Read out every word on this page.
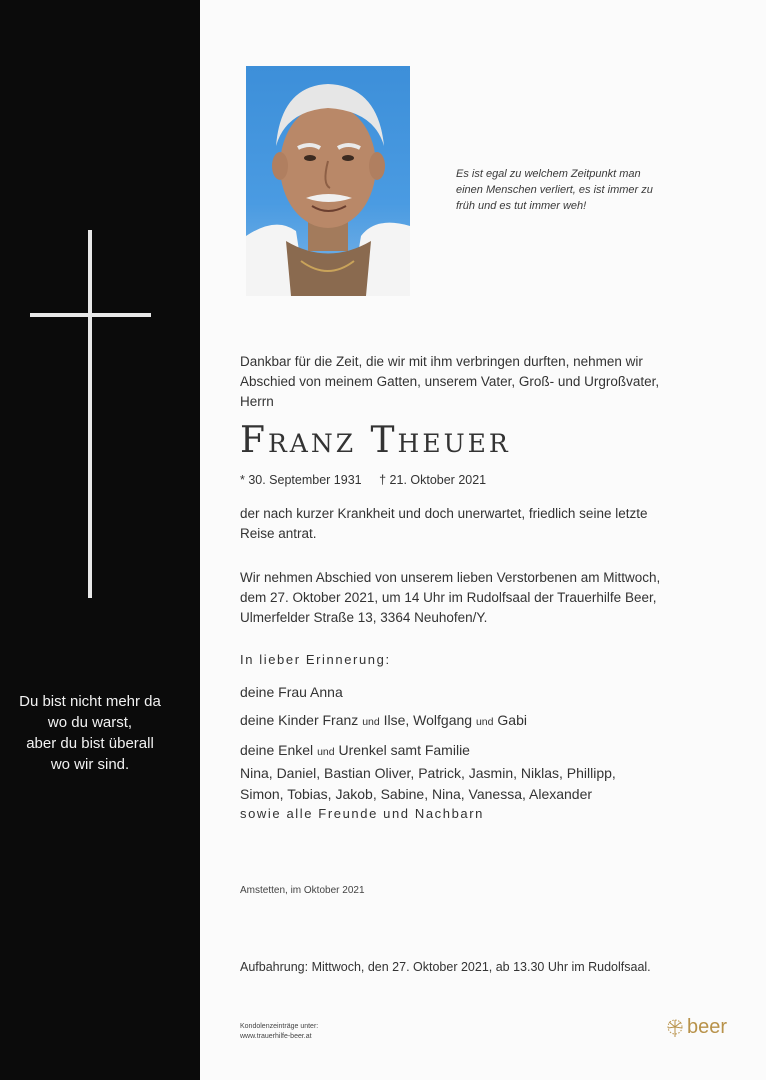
Du bist nicht mehr da
wo du warst,
aber du bist überall
wo wir sind.
Es ist egal zu welchem Zeitpunkt man
einen Menschen verliert, es ist immer zu
früh und es tut immer weh!
Dankbar für die Zeit, die wir mit ihm verbringen durften, nehmen wir
Abschied von meinem Gatten, unserem Vater, Groß- und Urgroßvater,
Herrn
Franz Theuer
* 30. September 1931 † 21. Oktober 2021
der nach kurzer Krankheit und doch unerwartet, friedlich seine letzte
Reise antrat.
Wir nehmen Abschied von unserem lieben Verstorbenen am Mittwoch,
dem 27. Oktober 2021, um 14 Uhr im Rudolfsaal der Trauerhilfe Beer,
Ulmerfelder Straße 13, 3364 Neuhofen/Y.
In lieber Erinnerung:
deine Frau Anna
deine Kinder Franz und Ilse, Wolfgang und Gabi
deine Enkel und Urenkel samt Familie
Nina, Daniel, Bastian Oliver, Patrick, Jasmin, Niklas, Phillipp,
Simon, Tobias, Jakob, Sabine, Nina, Vanessa, Alexander
sowie alle Freunde und Nachbarn
Amstetten, im Oktober 2021
Aufbahrung: Mittwoch, den 27. Oktober 2021, ab 13.30 Uhr im Rudolfsaal.
Kondolenzeinträge unter:
www.trauerhilfe-beer.at	beer
